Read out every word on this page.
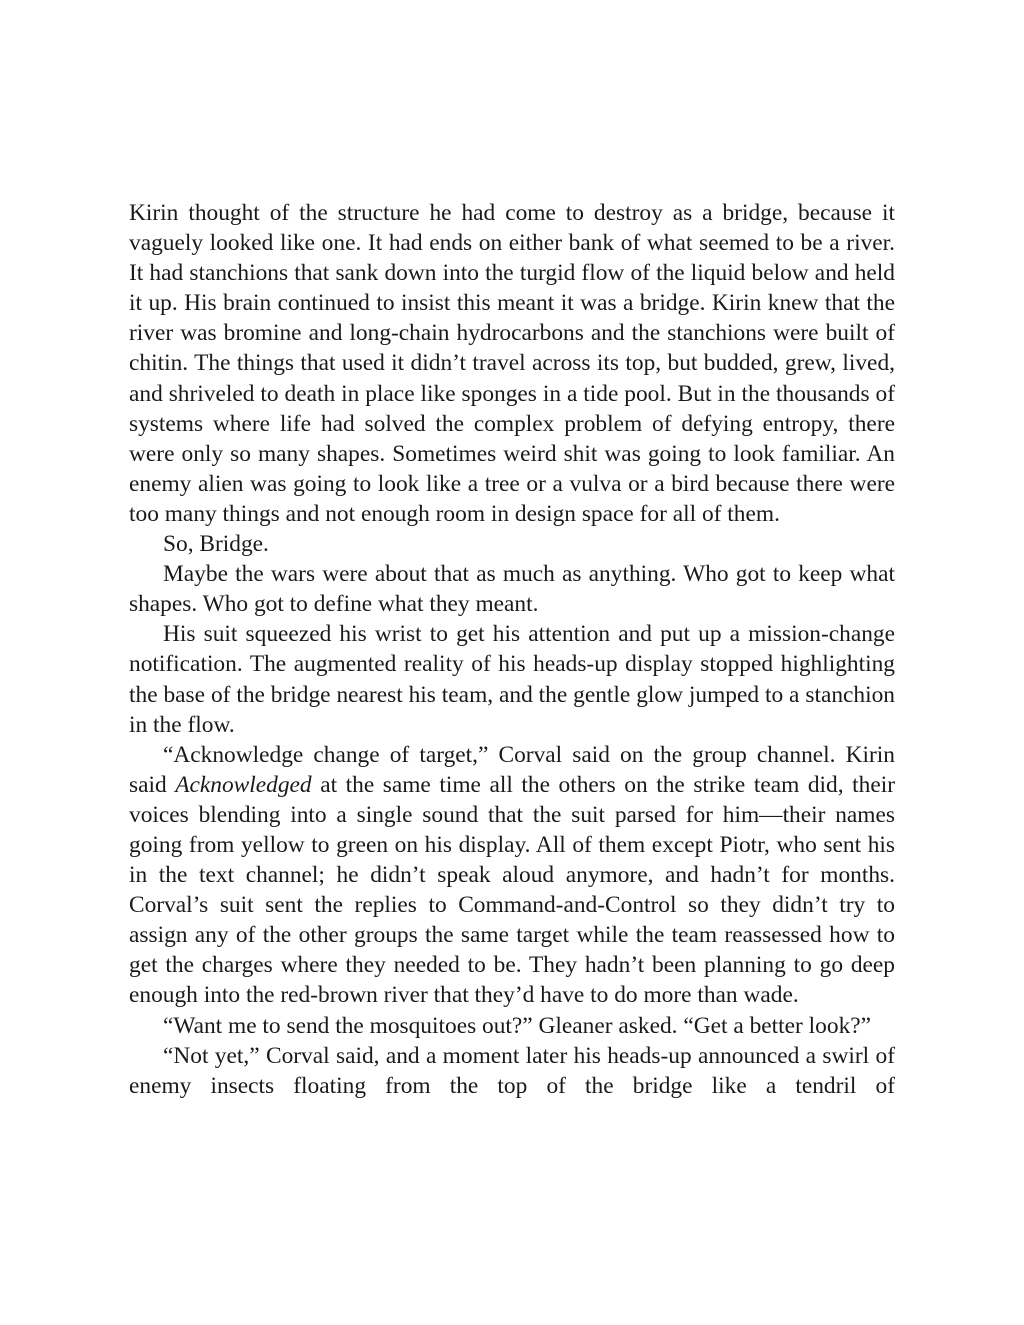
Kirin thought of the structure he had come to destroy as a bridge, because it vaguely looked like one. It had ends on either bank of what seemed to be a river. It had stanchions that sank down into the turgid flow of the liquid below and held it up. His brain continued to insist this meant it was a bridge. Kirin knew that the river was bromine and long-chain hydrocarbons and the stanchions were built of chitin. The things that used it didn’t travel across its top, but budded, grew, lived, and shriveled to death in place like sponges in a tide pool. But in the thousands of systems where life had solved the complex problem of defying entropy, there were only so many shapes. Sometimes weird shit was going to look familiar. An enemy alien was going to look like a tree or a vulva or a bird because there were too many things and not enough room in design space for all of them.

So, Bridge.

Maybe the wars were about that as much as anything. Who got to keep what shapes. Who got to define what they meant.

His suit squeezed his wrist to get his attention and put up a mission-change notification. The augmented reality of his heads-up display stopped highlighting the base of the bridge nearest his team, and the gentle glow jumped to a stanchion in the flow.

“Acknowledge change of target,” Corval said on the group channel. Kirin said Acknowledged at the same time all the others on the strike team did, their voices blending into a single sound that the suit parsed for him—their names going from yellow to green on his display. All of them except Piotr, who sent his in the text channel; he didn’t speak aloud anymore, and hadn’t for months. Corval’s suit sent the replies to Command-and-Control so they didn’t try to assign any of the other groups the same target while the team reassessed how to get the charges where they needed to be. They hadn’t been planning to go deep enough into the red-brown river that they’d have to do more than wade.

“Want me to send the mosquitoes out?” Gleaner asked. “Get a better look?”

“Not yet,” Corval said, and a moment later his heads-up announced a swirl of enemy insects floating from the top of the bridge like a tendril of
